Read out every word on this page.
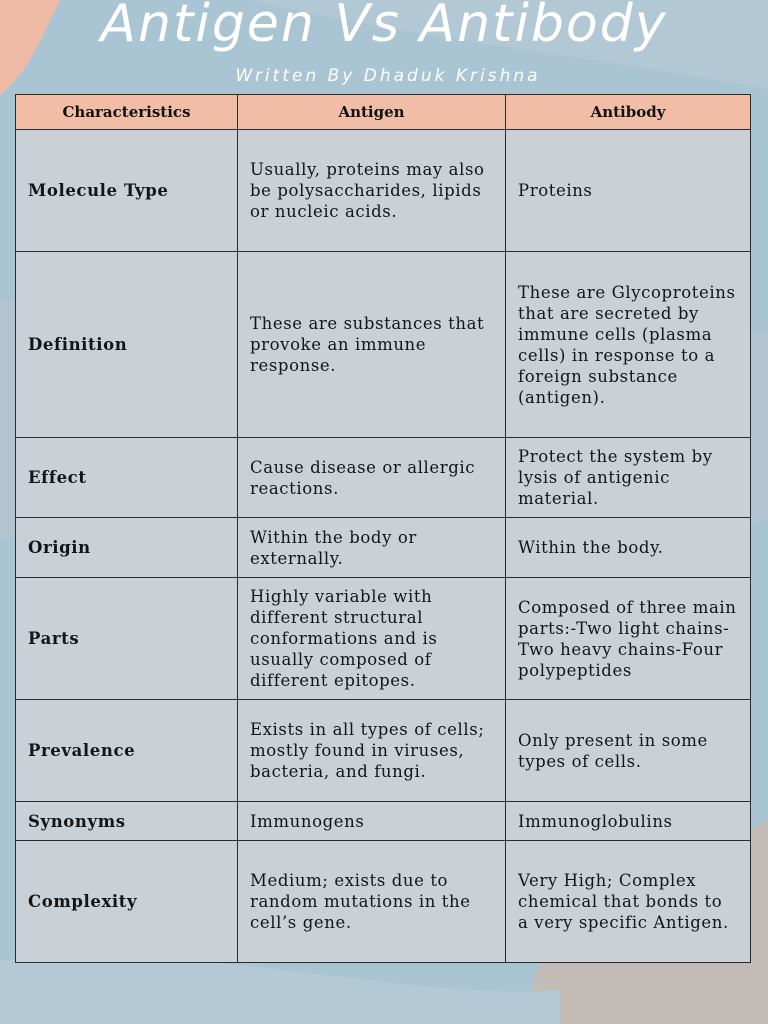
Antigen Vs Antibody
Written By Dhaduk Krishna
Characteristics	Antigen	Antibody
Molecule Type	Usually, proteins may also be polysaccharides, lipids or nucleic acids.	Proteins
Definition	These are substances that provoke an immune response.	These are Glycoproteins that are secreted by immune cells (plasma cells) in response to a foreign substance (antigen).
Effect	Cause disease or allergic reactions.	Protect the system by lysis of antigenic material.
Origin	Within the body or externally.	Within the body.
Parts	Highly variable with different structural conformations and is usually composed of different epitopes.	Composed of three main parts:-Two light chains-Two heavy chains-Four polypeptides
Prevalence	Exists in all types of cells; mostly found in viruses, bacteria, and fungi.	Only present in some types of cells.
Synonyms	Immunogens	Immunoglobulins
Complexity	Medium; exists due to random mutations in the cell’s gene.	Very High; Complex chemical that bonds to a very specific Antigen.
